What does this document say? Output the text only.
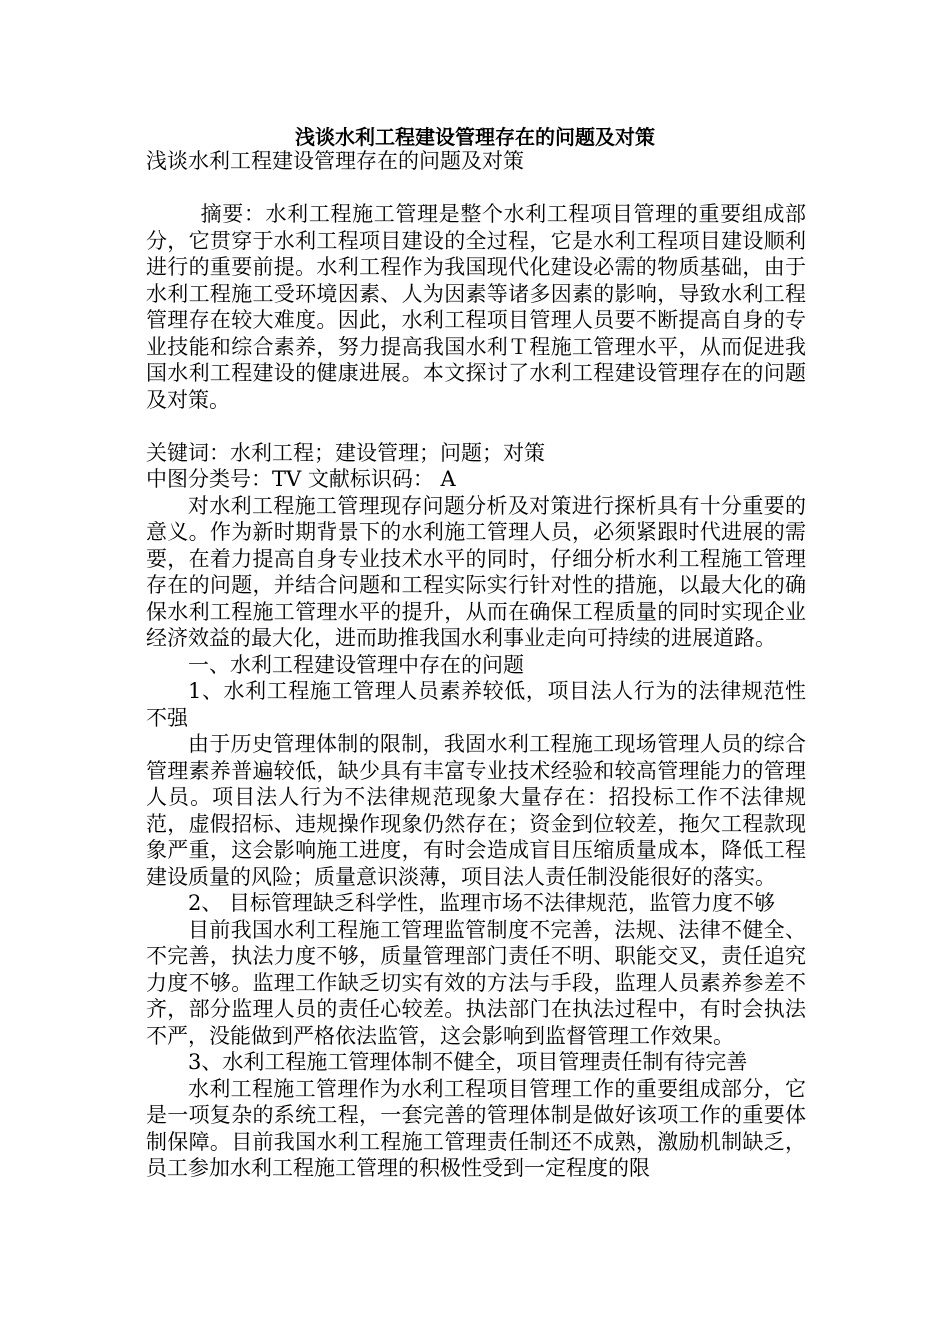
浅谈水利工程建设管理存在的问题及对策

浅谈水利工程建设管理存在的问题及对策

摘要：水利工程施工管理是整个水利工程项目管理的重要组成部分，它贯穿于水利工程项目建设的全过程，它是水利工程项目建设顺利进行的重要前提。水利工程作为我国现代化建设必需的物质基础，由于水利工程施工受环境因素、人为因素等诸多因素的影响，导致水利工程管理存在较大难度。因此，水利工程项目管理人员要不断提高自身的专业技能和综合素养，努力提高我国水利Ｔ程施工管理水平，从而促进我国水利工程建设的健康进展。本文探讨了水利工程建设管理存在的问题及对策。

关键词：水利工程；建设管理；问题；对策

中图分类号：TV 文献标识码： A

对水利工程施工管理现存问题分析及对策进行探析具有十分重要的意义。作为新时期背景下的水利施工管理人员，必须紧跟时代进展的需要，在着力提高自身专业技术水平的同时，仔细分析水利工程施工管理存在的问题，并结合问题和工程实际实行针对性的措施，以最大化的确保水利工程施工管理水平的提升，从而在确保工程质量的同时实现企业经济效益的最大化，进而助推我国水利事业走向可持续的进展道路。

一、水利工程建设管理中存在的问题

1、水利工程施工管理人员素养较低，项目法人行为的法律规范性不强

由于历史管理体制的限制，我固水利工程施工现场管理人员的综合管理素养普遍较低，缺少具有丰富专业技术经验和较高管理能力的管理人员。项目法人行为不法律规范现象大量存在：招投标工作不法律规范，虚假招标、违规操作现象仍然存在；资金到位较差，拖欠工程款现象严重，这会影响施工进度，有时会造成盲目压缩质量成本，降低工程建设质量的风险；质量意识淡薄，项目法人责任制没能很好的落实。

2、 目标管理缺乏科学性，监理市场不法律规范，监管力度不够

目前我国水利工程施工管理监管制度不完善，法规、法律不健全、不完善，执法力度不够，质量管理部门责任不明、职能交叉，责任追究力度不够。监理工作缺乏切实有效的方法与手段，监理人员素养参差不齐，部分监理人员的责任心较差。执法部门在执法过程中，有时会执法不严，没能做到严格依法监管，这会影响到监督管理工作效果。

3、水利工程施工管理体制不健全，项目管理责任制有待完善

水利工程施工管理作为水利工程项目管理工作的重要组成部分，它是一项复杂的系统工程，一套完善的管理体制是做好该项工作的重要体制保障。目前我国水利工程施工管理责任制还不成熟，激励机制缺乏，员工参加水利工程施工管理的积极性受到一定程度的限
